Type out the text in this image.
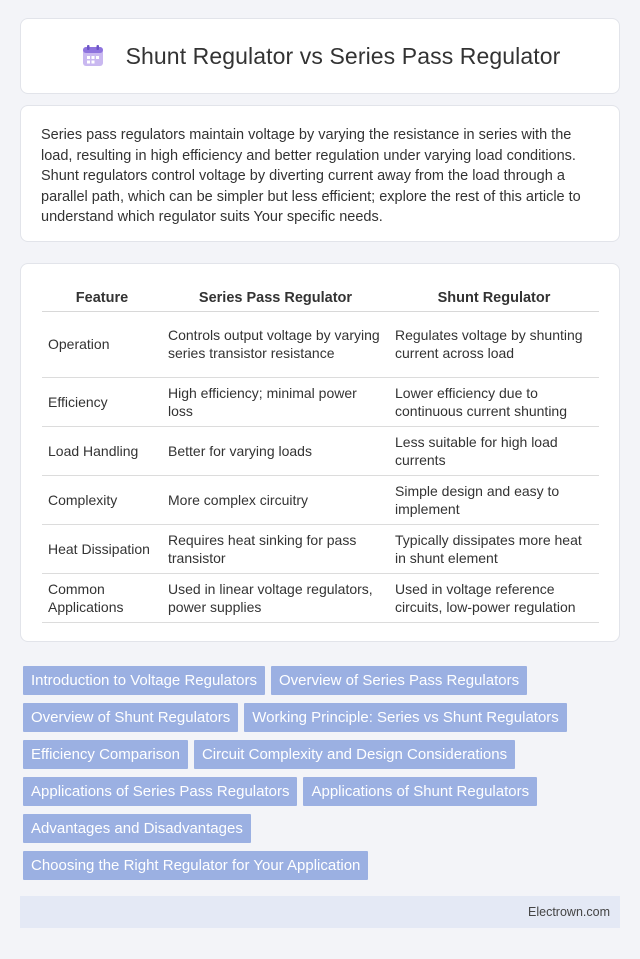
Shunt Regulator vs Series Pass Regulator

Series pass regulators maintain voltage by varying the resistance in series with the load, resulting in high efficiency and better regulation under varying load conditions. Shunt regulators control voltage by diverting current away from the load through a parallel path, which can be simpler but less efficient; explore the rest of this article to understand which regulator suits Your specific needs.

Feature	Series Pass Regulator	Shunt Regulator
Operation	Controls output voltage by varying series transistor resistance	Regulates voltage by shunting current across load
Efficiency	High efficiency; minimal power loss	Lower efficiency due to continuous current shunting
Load Handling	Better for varying loads	Less suitable for high load currents
Complexity	More complex circuitry	Simple design and easy to implement
Heat Dissipation	Requires heat sinking for pass transistor	Typically dissipates more heat in shunt element
Common Applications	Used in linear voltage regulators, power supplies	Used in voltage reference circuits, low-power regulation
Introduction to Voltage Regulators Overview of Series Pass Regulators
Overview of Shunt Regulators Working Principle: Series vs Shunt Regulators
Efficiency Comparison Circuit Complexity and Design Considerations
Applications of Series Pass Regulators Applications of Shunt Regulators
Advantages and Disadvantages
Choosing the Right Regulator for Your Application
Electrown.com
